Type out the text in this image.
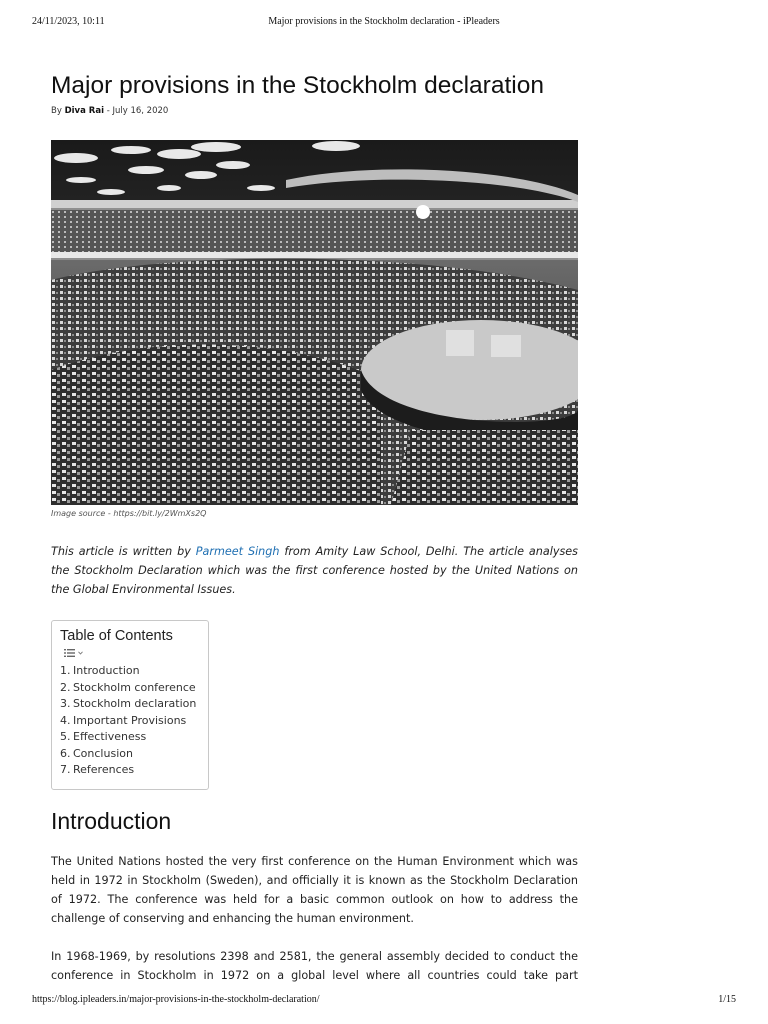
24/11/2023, 10:11	Major provisions in the Stockholm declaration - iPleaders
Major provisions in the Stockholm declaration
By Diva Rai - July 16, 2020
Image source - https://bit.ly/2WmXs2Q

This article is written by Parmeet Singh from Amity Law School, Delhi. The article analyses the Stockholm Declaration which was the first conference hosted by the United Nations on the Global Environmental Issues.

Table of Contents
1. Introduction
2. Stockholm conference
3. Stockholm declaration
4. Important Provisions
5. Effectiveness
6. Conclusion
7. References
Introduction

The United Nations hosted the very first conference on the Human Environment which was held in 1972 in Stockholm (Sweden), and officially it is known as the Stockholm Declaration of 1972. The conference was held for a basic common outlook on how to address the challenge of conserving and enhancing the human environment.

In 1968-1969, by resolutions 2398 and 2581, the general assembly decided to conduct the conference in Stockholm in 1972 on a global level where all countries could take part

https://blog.ipleaders.in/major-provisions-in-the-stockholm-declaration/	1/15
